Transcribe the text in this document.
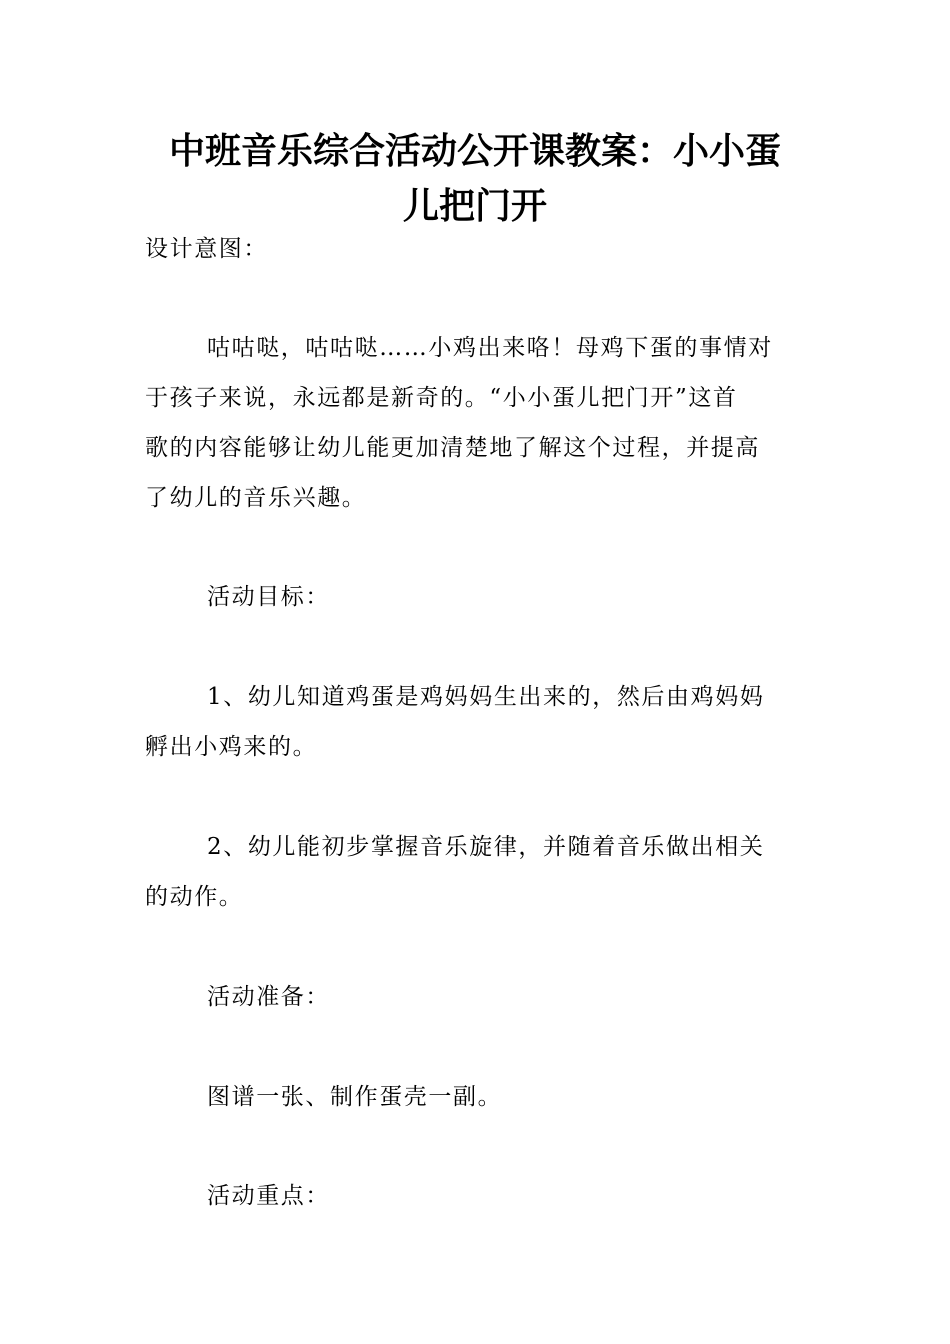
中班音乐综合活动公开课教案：小小蛋
儿把门开

设计意图：

咕咕哒，咕咕哒……小鸡出来咯！母鸡下蛋的事情对
于孩子来说，永远都是新奇的。“小小蛋儿把门开”这首
歌的内容能够让幼儿能更加清楚地了解这个过程，并提高
了幼儿的音乐兴趣。

活动目标：

1、幼儿知道鸡蛋是鸡妈妈生出来的，然后由鸡妈妈
孵出小鸡来的。

2、幼儿能初步掌握音乐旋律，并随着音乐做出相关
的动作。

活动准备：

图谱一张、制作蛋壳一副。

活动重点：
